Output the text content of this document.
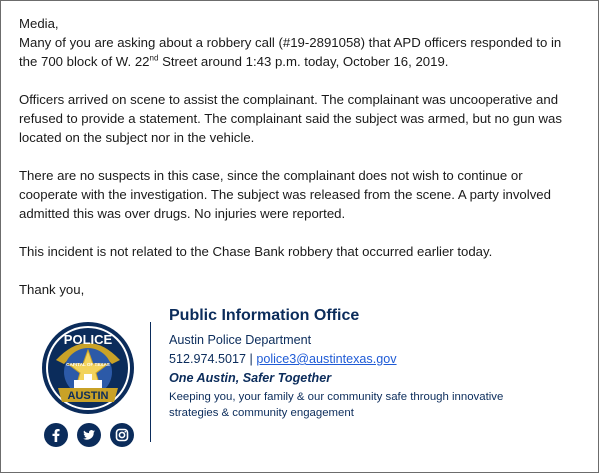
Media,

Many of you are asking about a robbery call (#19-2891058) that APD officers responded to in the 700 block of W. 22nd Street around 1:43 p.m. today, October 16, 2019.

Officers arrived on scene to assist the complainant. The complainant was uncooperative and refused to provide a statement. The complainant said the subject was armed, but no gun was located on the subject nor in the vehicle.

There are no suspects in this case, since the complainant does not wish to continue or cooperate with the investigation. The subject was released from the scene. A party involved admitted this was over drugs. No injuries were reported.

This incident is not related to the Chase Bank robbery that occurred earlier today.

Thank you,

POLICE
CAPITAL OF TEXAS
AUSTIN

Public Information Office

Austin Police Department

512.974.5017 | police3@austintexas.gov

One Austin, Safer Together

Keeping you, your family & our community safe through innovative strategies & community engagement
